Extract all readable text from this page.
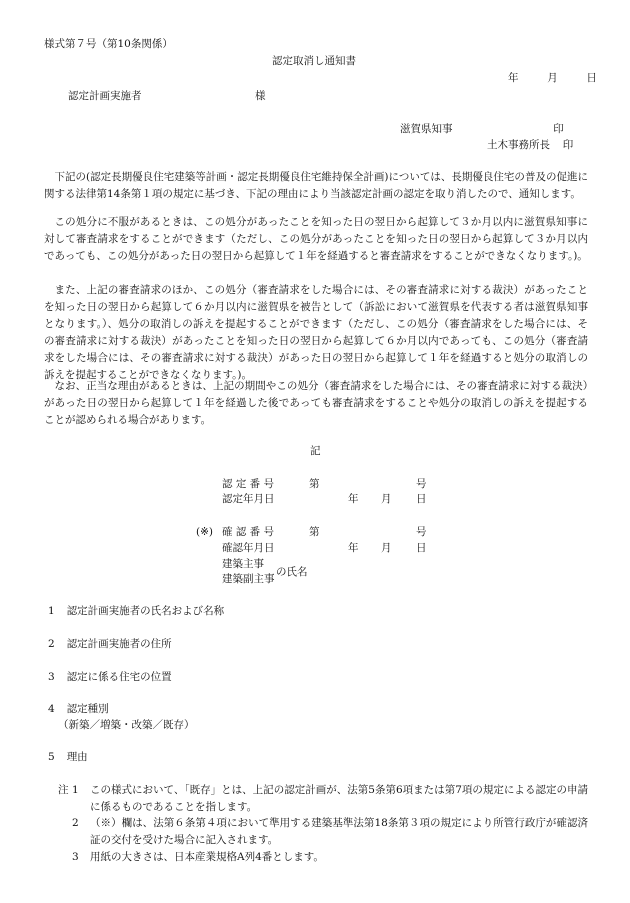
様式第７号（第10条関係）
認定取消し通知書
年	月	日
認定計画実施者	様
滋賀県知事	印
土木事務所長 印
下記の(認定長期優良住宅建築等計画・認定長期優良住宅維持保全計画)については、長期優良住宅の普及の促進に関する法律第14条第１項の規定に基づき、下記の理由により当該認定計画の認定を取り消したので、通知します。
この処分に不服があるときは、この処分があったことを知った日の翌日から起算して３か月以内に滋賀県知事に対して審査請求をすることができます（ただし、この処分があったことを知った日の翌日から起算して３か月以内であっても、この処分があった日の翌日から起算して１年を経過すると審査請求をすることができなくなります。)。
また、上記の審査請求のほか、この処分（審査請求をした場合には、その審査請求に対する裁決）があったことを知った日の翌日から起算して６か月以内に滋賀県を被告として（訴訟において滋賀県を代表する者は滋賀県知事となります。）、処分の取消しの訴えを提起することができます（ただし、この処分（審査請求をした場合には、その審査請求に対する裁決）があったことを知った日の翌日から起算して６か月以内であっても、この処分（審査請求をした場合には、その審査請求に対する裁決）があった日の翌日から起算して１年を経過すると処分の取消しの訴えを提起することができなくなります。)。
なお、正当な理由があるときは、上記の期間やこの処分（審査請求をした場合には、その審査請求に対する裁決）があった日の翌日から起算して１年を経過した後であっても審査請求をすることや処分の取消しの訴えを提起することが認められる場合があります。
記
認 定 番 号	第	号
認定年月日	年 月 日
(※) 確 認 番 号	第	号
確認年月日	年 月 日
建築主事
建築副主事
の氏名
1 認定計画実施者の氏名および名称
2 認定計画実施者の住所
3 認定に係る住宅の位置
4 認定種別
（新築／増築・改築／既存）
5 理由
注 1 この様式において、「既存」とは、上記の認定計画が、法第5条第6項または第7項の規定による認定の申請に係るものであることを指します。
2 （※）欄は、法第６条第４項において準用する建築基準法第18条第３項の規定により所管行政庁が確認済証の交付を受けた場合に記入されます。
3 用紙の大きさは、日本産業規格A列4番とします。
